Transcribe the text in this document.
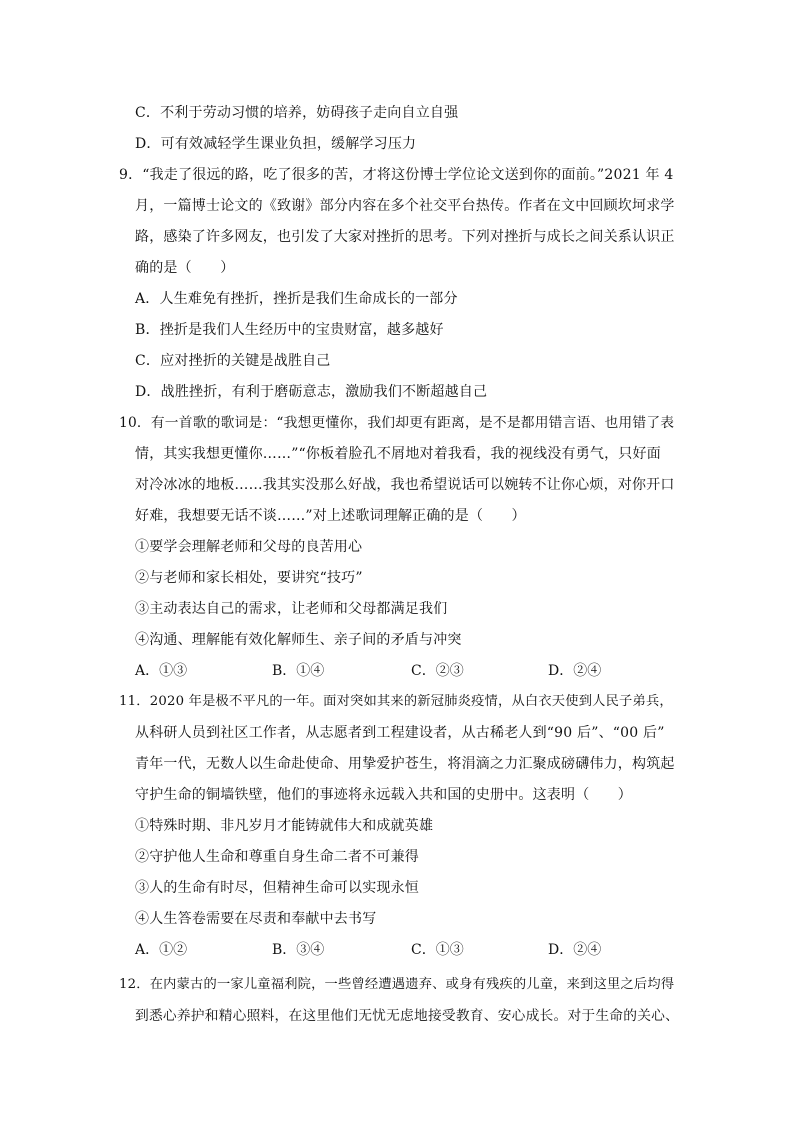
C．不利于劳动习惯的培养，妨碍孩子走向自立自强
D．可有效减轻学生课业负担，缓解学习压力
9．“我走了很远的路，吃了很多的苦，才将这份博士学位论文送到你的面前。”2021 年 4
月，一篇博士论文的《致谢》部分内容在多个社交平台热传。作者在文中回顾坎坷求学
路，感染了许多网友，也引发了大家对挫折的思考。下列对挫折与成长之间关系认识正
确的是（　　）
A．人生难免有挫折，挫折是我们生命成长的一部分
B．挫折是我们人生经历中的宝贵财富，越多越好
C．应对挫折的关键是战胜自己
D．战胜挫折，有利于磨砺意志，激励我们不断超越自己
10．有一首歌的歌词是：“我想更懂你，我们却更有距离，是不是都用错言语、也用错了表
情，其实我想更懂你……”“你板着脸孔不屑地对着我看，我的视线没有勇气，只好面
对冷冰冰的地板……我其实没那么好战，我也希望说话可以婉转不让你心烦，对你开口
好难，我想要无话不谈……”对上述歌词理解正确的是（　　）
①要学会理解老师和父母的良苦用心
②与老师和家长相处，要讲究“技巧”
③主动表达自己的需求，让老师和父母都满足我们
④沟通、理解能有效化解师生、亲子间的矛盾与冲突
A．①③	B．①④	C．②③	D．②④
11．2020 年是极不平凡的一年。面对突如其来的新冠肺炎疫情，从白衣天使到人民子弟兵，
从科研人员到社区工作者，从志愿者到工程建设者，从古稀老人到“90 后”、“00 后”
青年一代，无数人以生命赴使命、用挚爱护苍生，将涓滴之力汇聚成磅礴伟力，构筑起
守护生命的铜墙铁壁，他们的事迹将永远载入共和国的史册中。这表明（　　）
①特殊时期、非凡岁月才能铸就伟大和成就英雄
②守护他人生命和尊重自身生命二者不可兼得
③人的生命有时尽，但精神生命可以实现永恒
④人生答卷需要在尽责和奉献中去书写
A．①②	B．③④	C．①③	D．②④
12．在内蒙古的一家儿童福利院，一些曾经遭遇遗弃、或身有残疾的儿童，来到这里之后均得
到悉心养护和精心照料，在这里他们无忧无虑地接受教育、安心成长。对于生命的关心、
